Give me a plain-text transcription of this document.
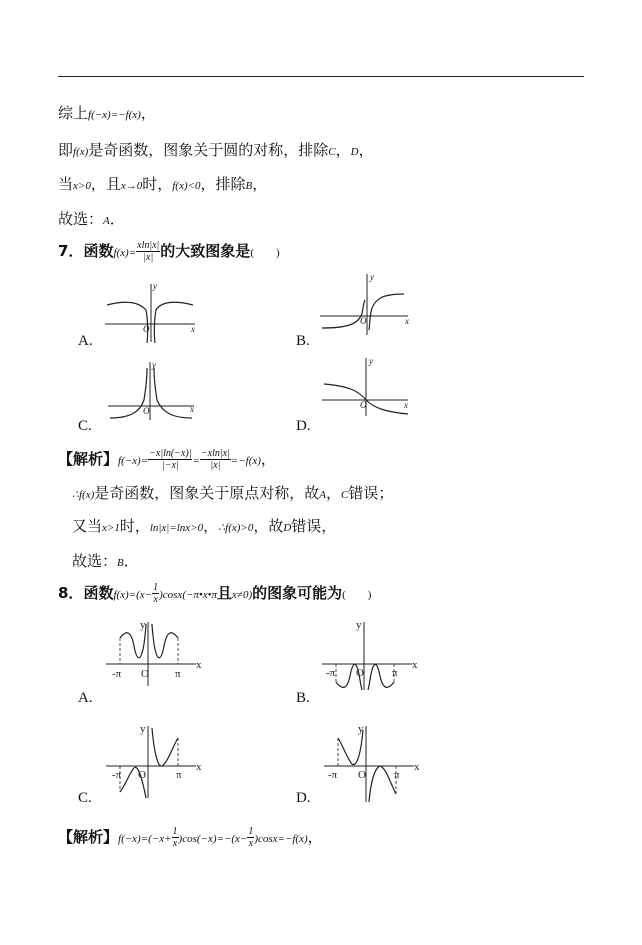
综上f(−x)=−f(x)，
即f(x)是奇函数，图象关于圆的对称，排除C，D，
当x>0，且x→0时，f(x)<0，排除B，
故选：A．
7．函数$f(x)= \frac{xln|x|}{|x|}$ 的大致图象是(　　)
y
x
O
A.
y
x
O
B.
y
x
O
C.
y
x
O
D.
【解析】$f(-x)= \frac{-x|\ln(-x)|}{|-x|} = \frac{-xln|x|}{|x|} =-f(x)$，
∴f(x)是奇函数，图象关于原点对称，故A，C错误；
又当x>1时，ln|x|=lnx>0，∴f(x)>0，故D错误，
故选：B．
8．函数$f(x)=(x- \frac{1}{x}$ )cosx(−π•x•π且x≠0)的图象可能为(　　)
y
x
O
-π	π
A.
y
x
O
-π	π
B.
y
x
O
-π	π
C.
y
x
O
-π	π
D.
【解析】$f(-x)=(-x+ \frac{1}{x} )\cos(-x)=-(x- \frac{1}{x} )\cos x=-f(x)$，
